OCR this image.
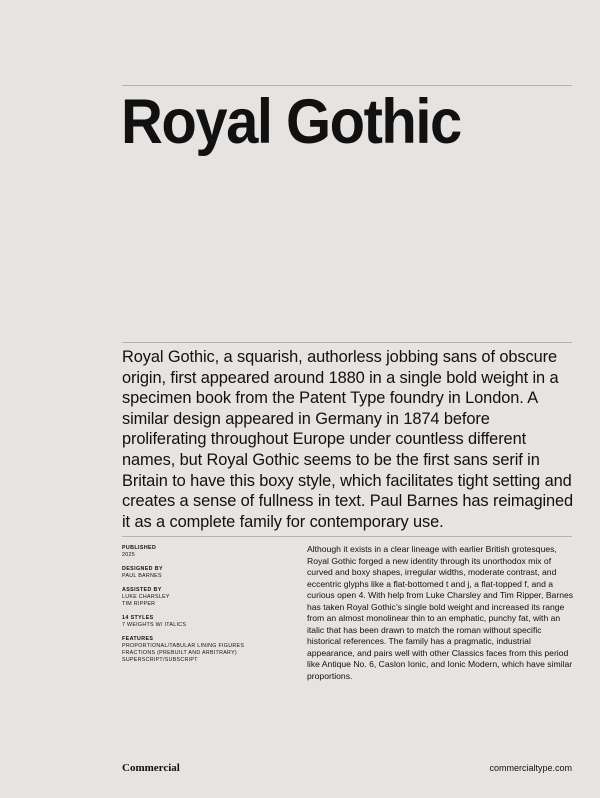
Royal Gothic

Royal Gothic, a squarish, authorless jobbing sans of obscure origin, first appeared around 1880 in a single bold weight in a specimen book from the Patent Type foundry in London. A similar design appeared in Germany in 1874 before proliferating throughout Europe under countless different names, but Royal Gothic seems to be the first sans serif in Britain to have this boxy style, which facilitates tight setting and creates a sense of fullness in text. Paul Barnes has reimagined it as a complete family for contemporary use.

PUBLISHED
2025
DESIGNED BY
PAUL BARNES
ASSISTED BY
LUKE CHARSLEY
TIM RIPPER
14 STYLES
7 WEIGHTS W/ ITALICS
FEATURES
PROPORTIONAL/TABULAR LINING FIGURES
FRACTIONS (PREBUILT AND ARBITRARY)
SUPERSCRIPT/SUBSCRIPT

Although it exists in a clear lineage with earlier British grotesques, Royal Gothic forged a new identity through its unorthodox mix of curved and boxy shapes, irregular widths, moderate contrast, and eccentric glyphs like a flat-bottomed t and j, a flat-topped f, and a curious open 4. With help from Luke Charsley and Tim Ripper, Barnes has taken Royal Gothic’s single bold weight and increased its range from an almost monolinear thin to an emphatic, punchy fat, with an italic that has been drawn to match the roman without specific historical references. The family has a pragmatic, industrial appearance, and pairs well with other Classics faces from this period like Antique No. 6, Caslon Ionic, and Ionic Modern, which have similar proportions.

Commercial	commercialtype.com
